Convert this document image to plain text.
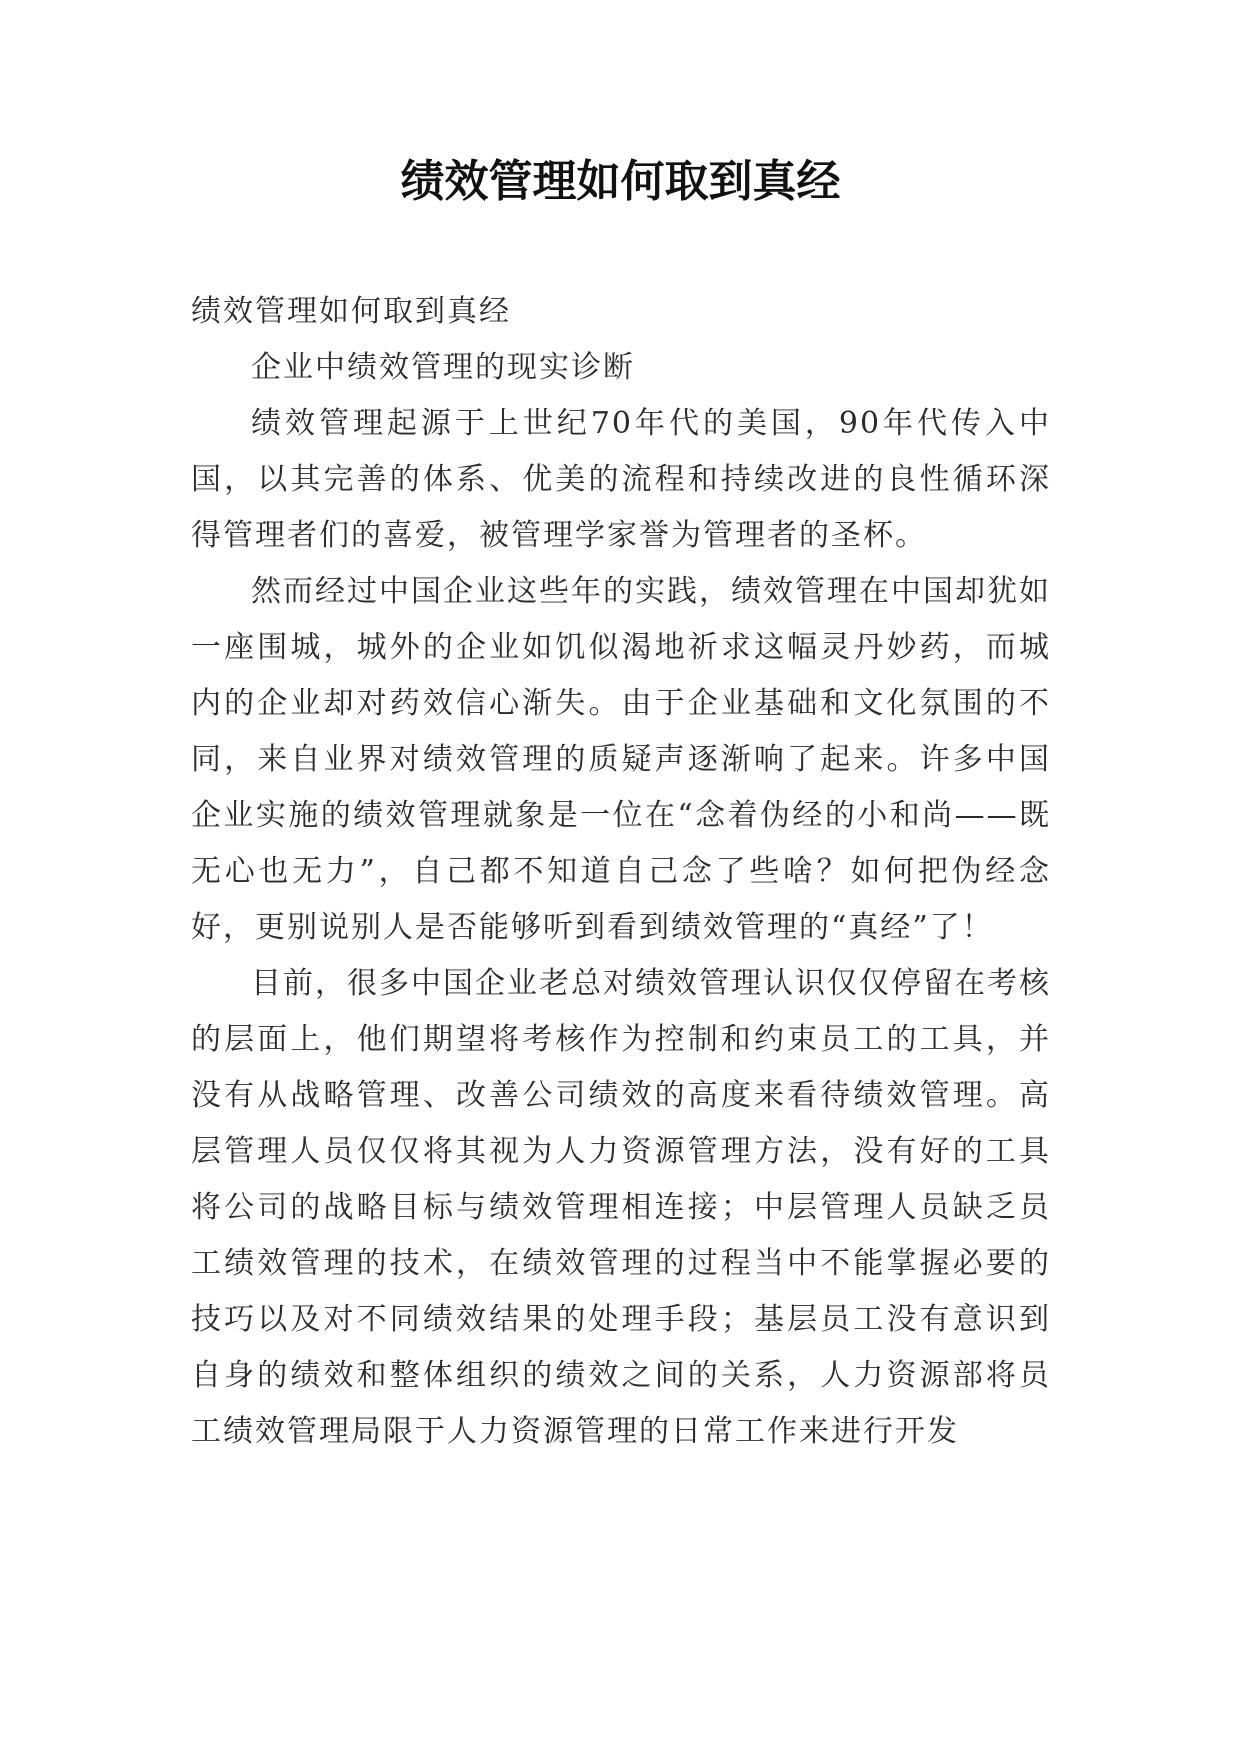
绩效管理如何取到真经

绩效管理如何取到真经

企业中绩效管理的现实诊断

绩效管理起源于上世纪70年代的美国，90年代传入中国，以其完善的体系、优美的流程和持续改进的良性循环深得管理者们的喜爱，被管理学家誉为管理者的圣杯。

然而经过中国企业这些年的实践，绩效管理在中国却犹如一座围城，城外的企业如饥似渴地祈求这幅灵丹妙药，而城内的企业却对药效信心渐失。由于企业基础和文化氛围的不同，来自业界对绩效管理的质疑声逐渐响了起来。许多中国企业实施的绩效管理就象是一位在“念着伪经的小和尚——既无心也无力”，自己都不知道自己念了些啥？如何把伪经念好，更别说别人是否能够听到看到绩效管理的“真经”了！

目前，很多中国企业老总对绩效管理认识仅仅停留在考核的层面上，他们期望将考核作为控制和约束员工的工具，并没有从战略管理、改善公司绩效的高度来看待绩效管理。高层管理人员仅仅将其视为人力资源管理方法，没有好的工具将公司的战略目标与绩效管理相连接；中层管理人员缺乏员工绩效管理的技术，在绩效管理的过程当中不能掌握必要的技巧以及对不同绩效结果的处理手段；基层员工没有意识到自身的绩效和整体组织的绩效之间的关系，人力资源部将员工绩效管理局限于人力资源管理的日常工作来进行开发
